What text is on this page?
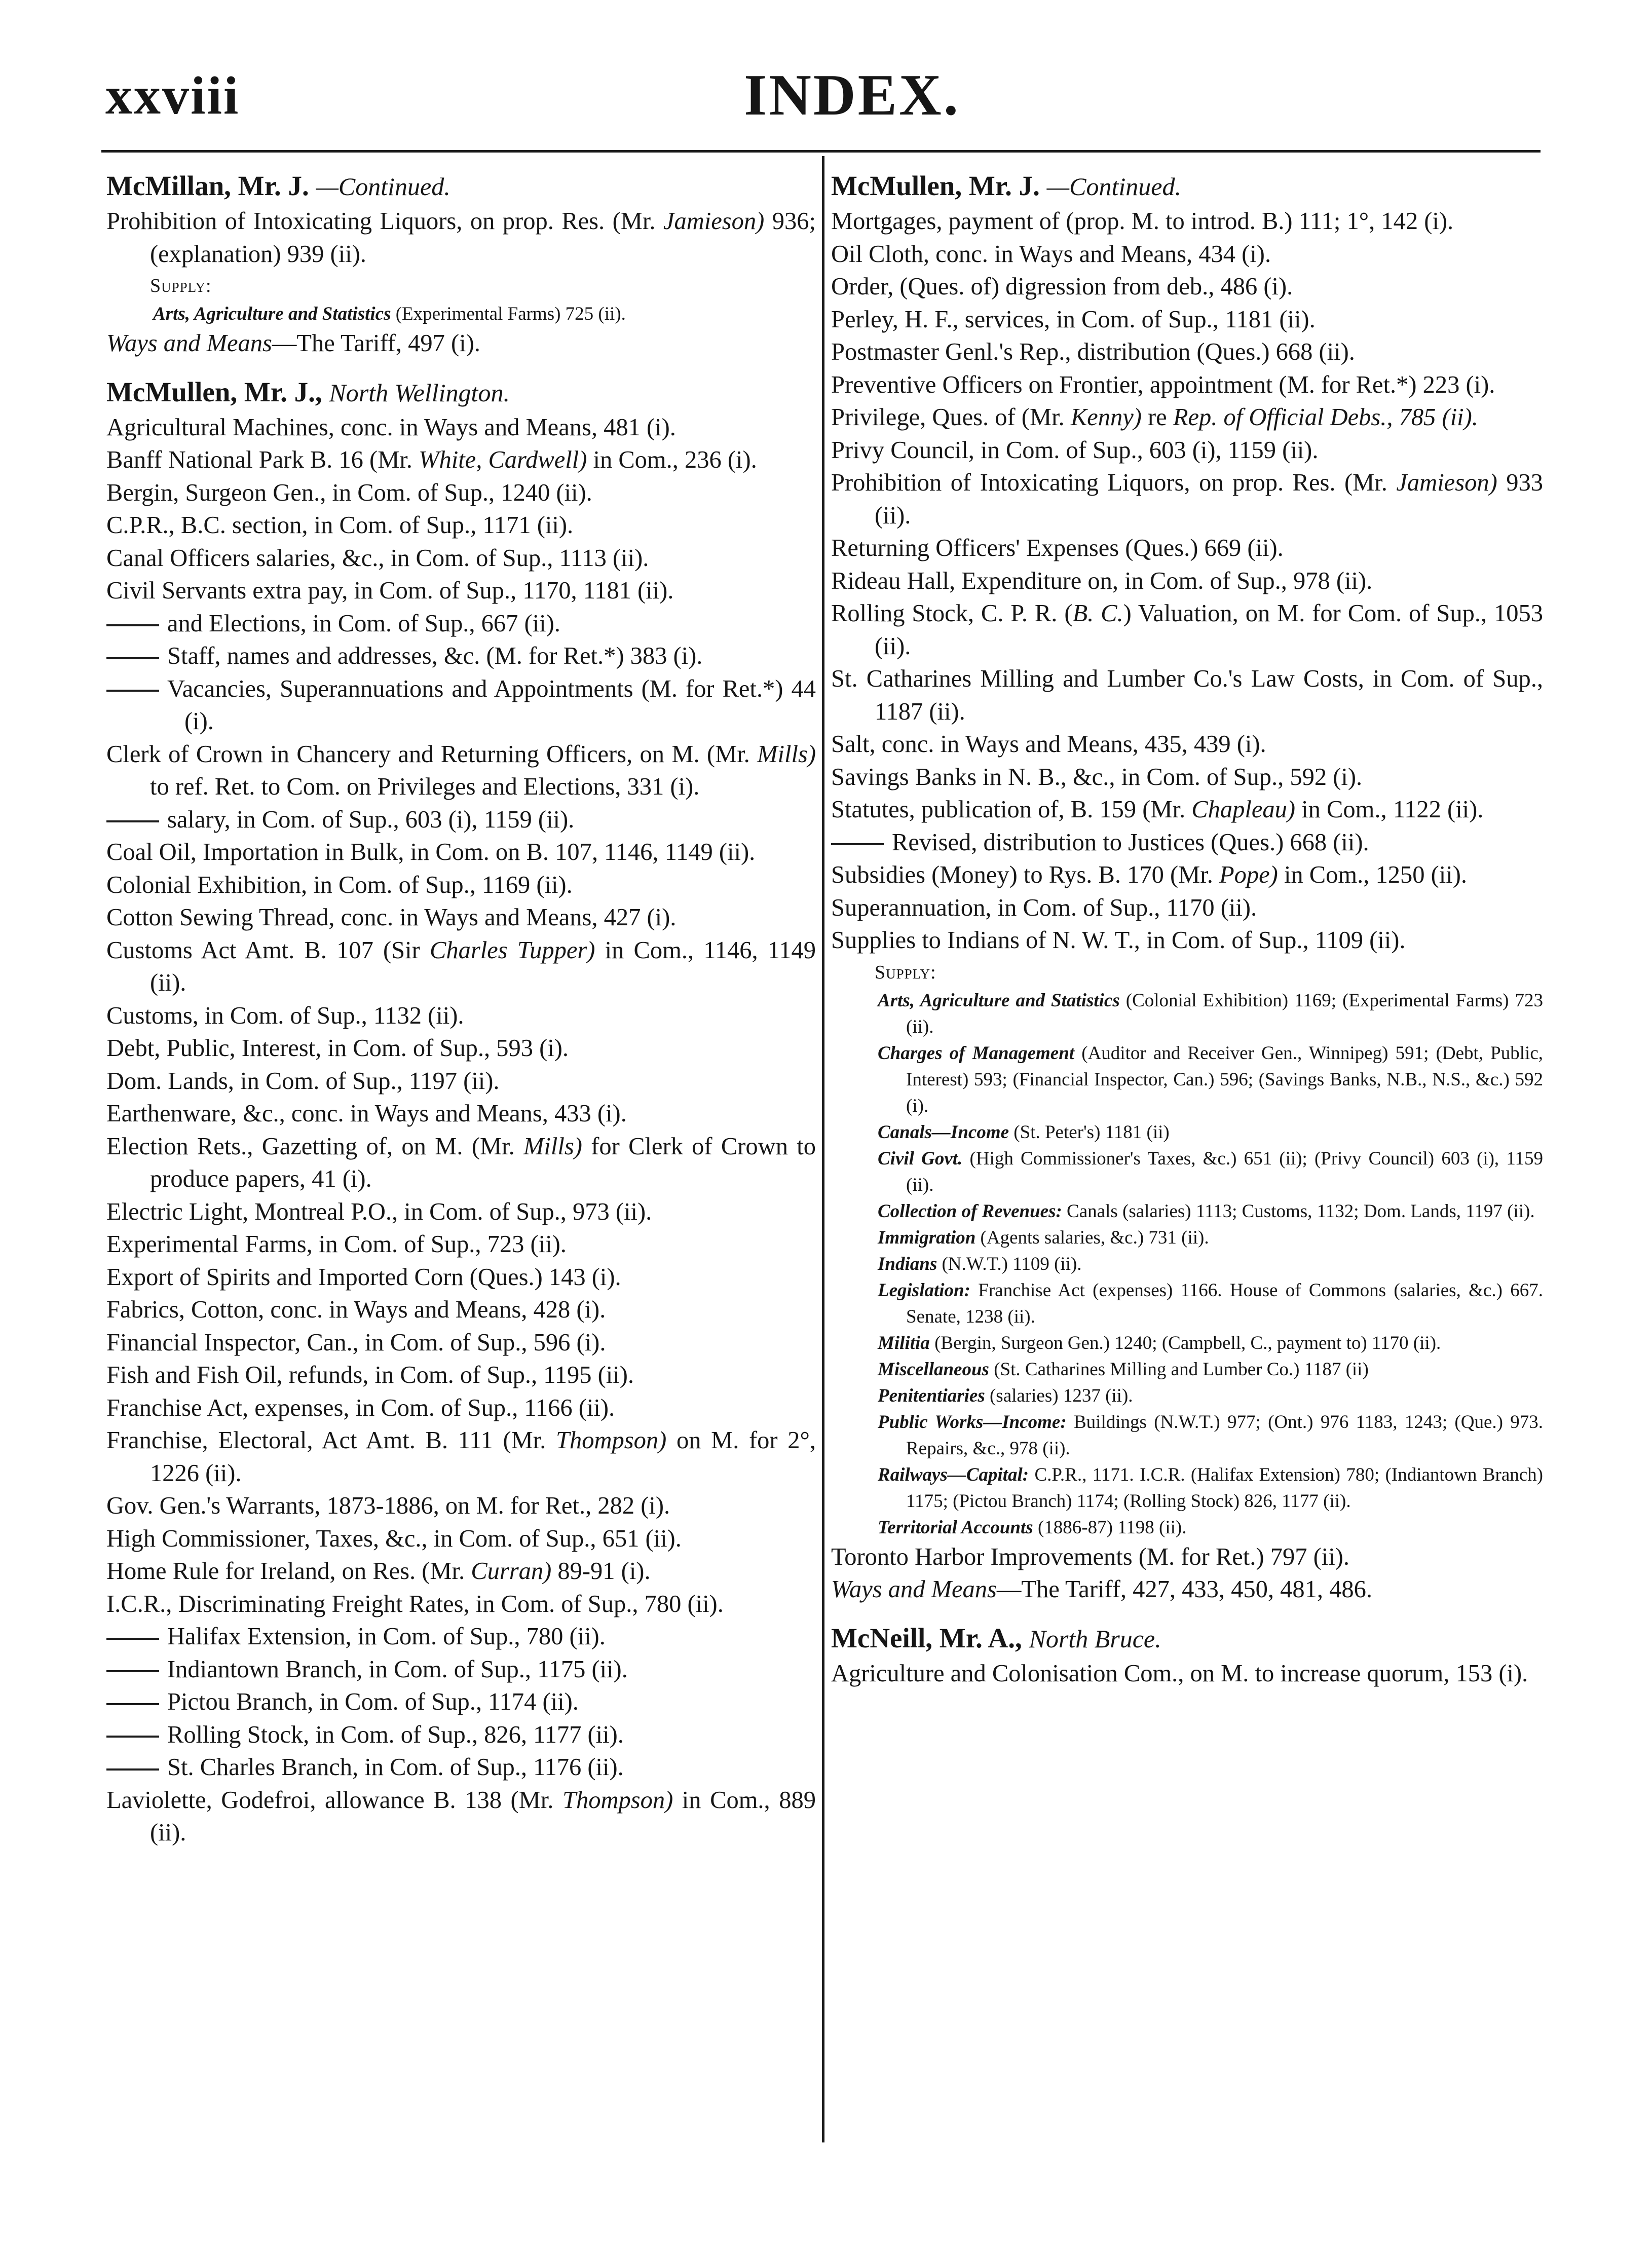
xxviii	INDEX.
McMillan, Mr. J. —Continued.
Prohibition of Intoxicating Liquors, on prop. Res. (Mr. Jamieson) 936; (explanation) 939 (ii).
Supply:
Arts, Agriculture and Statistics (Experimental Farms) 725 (ii).
Ways and Means—The Tariff, 497 (i).
McMullen, Mr. J., North Wellington.
Agricultural Machines, conc. in Ways and Means, 481 (i).
Banff National Park B. 16 (Mr. White, Cardwell) in Com., 236 (i).
Bergin, Surgeon Gen., in Com. of Sup., 1240 (ii).
C.P.R., B.C. section, in Com. of Sup., 1171 (ii).
Canal Officers salaries, &c., in Com. of Sup., 1113 (ii).
Civil Servants extra pay, in Com. of Sup., 1170, 1181 (ii).
and Elections, in Com. of Sup., 667 (ii).
Staff, names and addresses, &c. (M. for Ret.*) 383 (i).
Vacancies, Superannuations and Appointments (M. for Ret.*) 44 (i).
Clerk of Crown in Chancery and Returning Officers, on M. (Mr. Mills) to ref. Ret. to Com. on Privileges and Elections, 331 (i).
salary, in Com. of Sup., 603 (i), 1159 (ii).
Coal Oil, Importation in Bulk, in Com. on B. 107, 1146, 1149 (ii).
Colonial Exhibition, in Com. of Sup., 1169 (ii).
Cotton Sewing Thread, conc. in Ways and Means, 427 (i).
Customs Act Amt. B. 107 (Sir Charles Tupper) in Com., 1146, 1149 (ii).
Customs, in Com. of Sup., 1132 (ii).
Debt, Public, Interest, in Com. of Sup., 593 (i).
Dom. Lands, in Com. of Sup., 1197 (ii).
Earthenware, &c., conc. in Ways and Means, 433 (i).
Election Rets., Gazetting of, on M. (Mr. Mills) for Clerk of Crown to produce papers, 41 (i).
Electric Light, Montreal P.O., in Com. of Sup., 973 (ii).
Experimental Farms, in Com. of Sup., 723 (ii).
Export of Spirits and Imported Corn (Ques.) 143 (i).
Fabrics, Cotton, conc. in Ways and Means, 428 (i).
Financial Inspector, Can., in Com. of Sup., 596 (i).
Fish and Fish Oil, refunds, in Com. of Sup., 1195 (ii).
Franchise Act, expenses, in Com. of Sup., 1166 (ii).
Franchise, Electoral, Act Amt. B. 111 (Mr. Thompson) on M. for 2°, 1226 (ii).
Gov. Gen.'s Warrants, 1873-1886, on M. for Ret., 282 (i).
High Commissioner, Taxes, &c., in Com. of Sup., 651 (ii).
Home Rule for Ireland, on Res. (Mr. Curran) 89-91 (i).
I.C.R., Discriminating Freight Rates, in Com. of Sup., 780 (ii).
Halifax Extension, in Com. of Sup., 780 (ii).
Indiantown Branch, in Com. of Sup., 1175 (ii).
Pictou Branch, in Com. of Sup., 1174 (ii).
Rolling Stock, in Com. of Sup., 826, 1177 (ii).
St. Charles Branch, in Com. of Sup., 1176 (ii).
Laviolette, Godefroi, allowance B. 138 (Mr. Thompson) in Com., 889 (ii).
McMullen, Mr. J. —Continued.
Mortgages, payment of (prop. M. to introd. B.) 111; 1°, 142 (i).
Oil Cloth, conc. in Ways and Means, 434 (i).
Order, (Ques. of) digression from deb., 486 (i).
Perley, H. F., services, in Com. of Sup., 1181 (ii).
Postmaster Genl.'s Rep., distribution (Ques.) 668 (ii).
Preventive Officers on Frontier, appointment (M. for Ret.*) 223 (i).
Privilege, Ques. of (Mr. Kenny) re Rep. of Official Debs., 785 (ii).
Privy Council, in Com. of Sup., 603 (i), 1159 (ii).
Prohibition of Intoxicating Liquors, on prop. Res. (Mr. Jamieson) 933 (ii).
Returning Officers' Expenses (Ques.) 669 (ii).
Rideau Hall, Expenditure on, in Com. of Sup., 978 (ii).
Rolling Stock, C. P. R. (B. C.) Valuation, on M. for Com. of Sup., 1053 (ii).
St. Catharines Milling and Lumber Co.'s Law Costs, in Com. of Sup., 1187 (ii).
Salt, conc. in Ways and Means, 435, 439 (i).
Savings Banks in N. B., &c., in Com. of Sup., 592 (i).
Statutes, publication of, B. 159 (Mr. Chapleau) in Com., 1122 (ii).
Revised, distribution to Justices (Ques.) 668 (ii).
Subsidies (Money) to Rys. B. 170 (Mr. Pope) in Com., 1250 (ii).
Superannuation, in Com. of Sup., 1170 (ii).
Supplies to Indians of N. W. T., in Com. of Sup., 1109 (ii).
Supply:
Arts, Agriculture and Statistics (Colonial Exhibition) 1169; (Experimental Farms) 723 (ii).
Charges of Management (Auditor and Receiver Gen., Winnipeg) 591; (Debt, Public, Interest) 593; (Financial Inspector, Can.) 596; (Savings Banks, N.B., N.S., &c.) 592 (i).
Canals—Income (St. Peter's) 1181 (ii)
Civil Govt. (High Commissioner's Taxes, &c.) 651 (ii); (Privy Council) 603 (i), 1159 (ii).
Collection of Revenues: Canals (salaries) 1113; Customs, 1132; Dom. Lands, 1197 (ii).
Immigration (Agents salaries, &c.) 731 (ii).
Indians (N.W.T.) 1109 (ii).
Legislation: Franchise Act (expenses) 1166. House of Commons (salaries, &c.) 667. Senate, 1238 (ii).
Militia (Bergin, Surgeon Gen.) 1240; (Campbell, C., payment to) 1170 (ii).
Miscellaneous (St. Catharines Milling and Lumber Co.) 1187 (ii)
Penitentiaries (salaries) 1237 (ii).
Public Works—Income: Buildings (N.W.T.) 977; (Ont.) 976 1183, 1243; (Que.) 973. Repairs, &c., 978 (ii).
Railways—Capital: C.P.R., 1171. I.C.R. (Halifax Extension) 780; (Indiantown Branch) 1175; (Pictou Branch) 1174; (Rolling Stock) 826, 1177 (ii).
Territorial Accounts (1886-87) 1198 (ii).
Toronto Harbor Improvements (M. for Ret.) 797 (ii).
Ways and Means—The Tariff, 427, 433, 450, 481, 486.
McNeill, Mr. A., North Bruce.
Agriculture and Colonisation Com., on M. to increase quorum, 153 (i).
